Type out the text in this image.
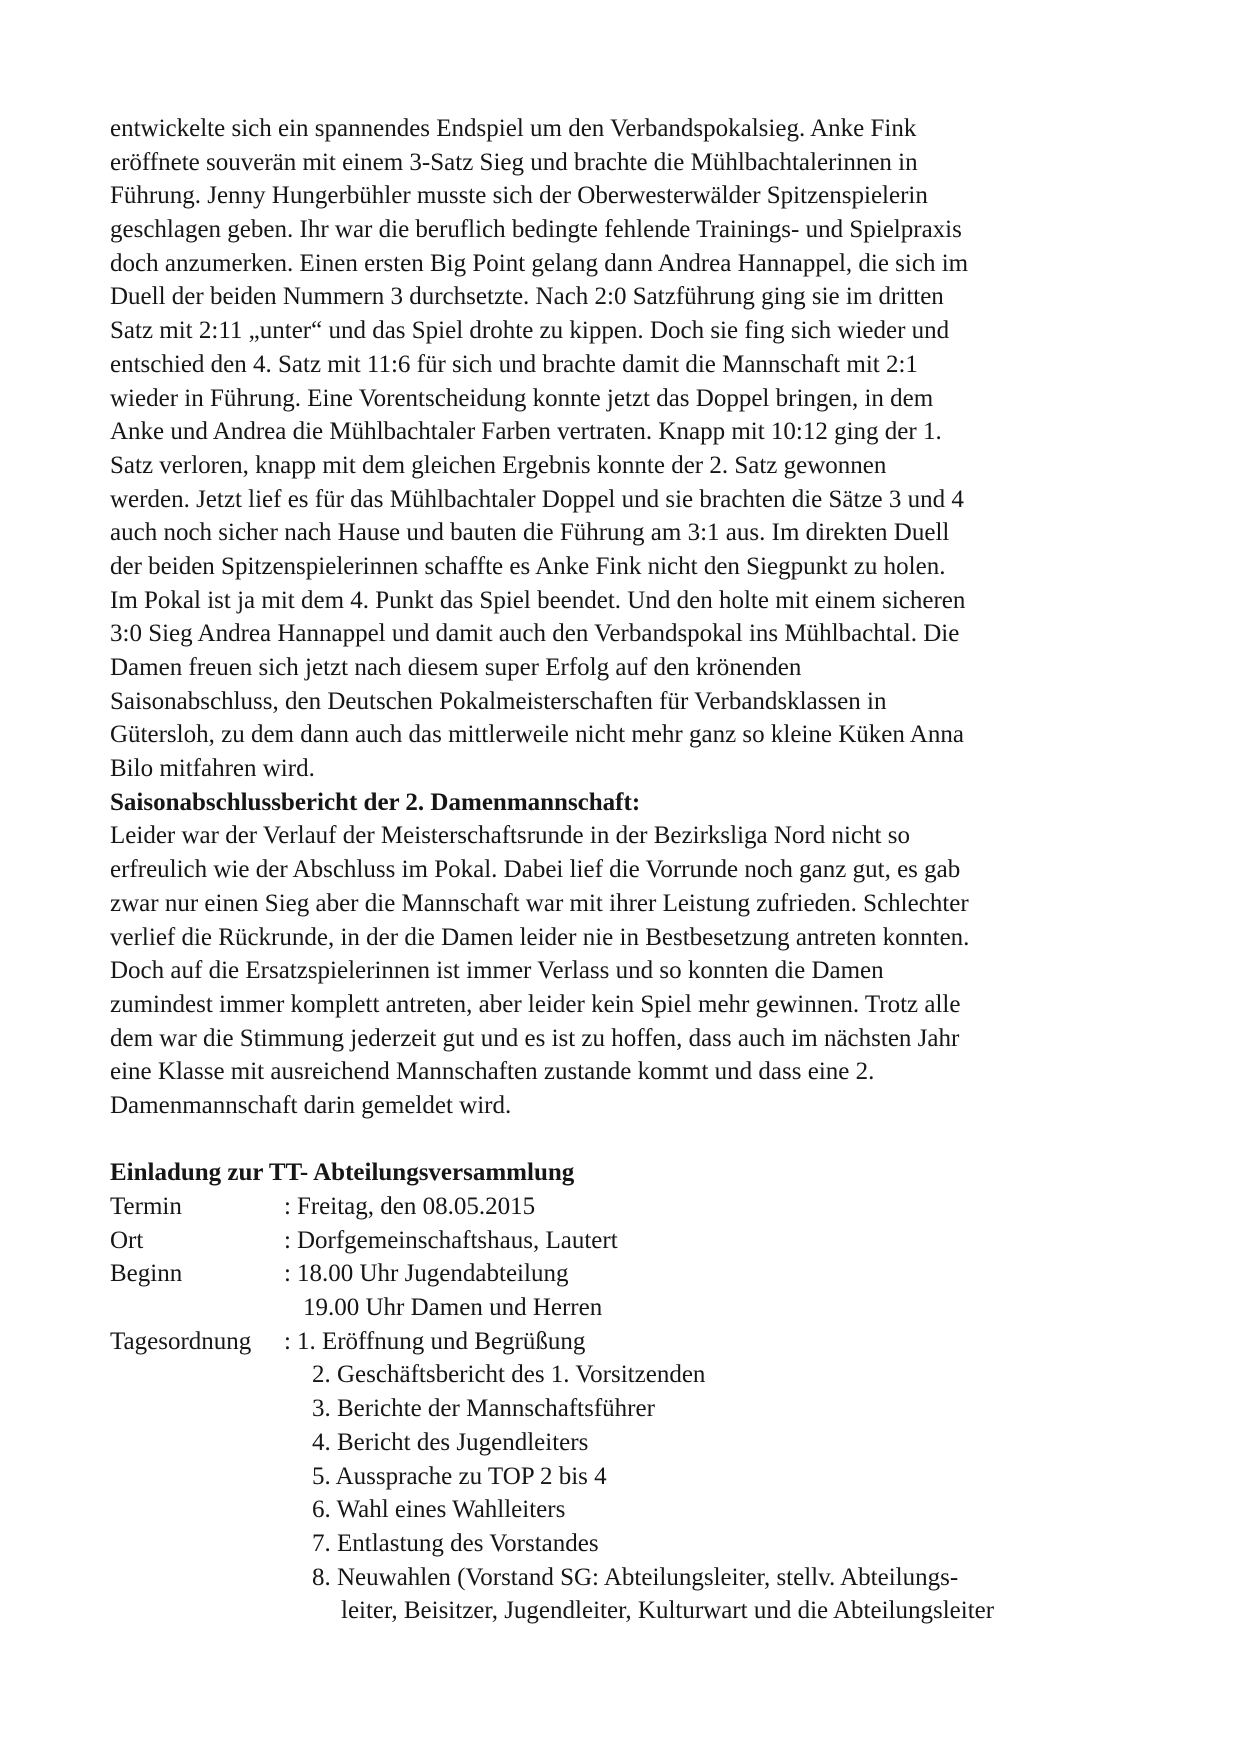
entwickelte sich ein spannendes Endspiel um den Verbandspokalsieg. Anke Fink
eröffnete souverän mit einem 3-Satz Sieg und brachte die Mühlbachtalerinnen in
Führung. Jenny Hungerbühler musste sich der Oberwesterwälder Spitzenspielerin
geschlagen geben. Ihr war die beruflich bedingte fehlende Trainings- und Spielpraxis
doch anzumerken. Einen ersten Big Point gelang dann Andrea Hannappel, die sich im
Duell der beiden Nummern 3 durchsetzte. Nach 2:0 Satzführung ging sie im dritten
Satz mit 2:11 „unter“ und das Spiel drohte zu kippen. Doch sie fing sich wieder und
entschied den 4. Satz mit 11:6 für sich und brachte damit die Mannschaft mit 2:1
wieder in Führung. Eine Vorentscheidung konnte jetzt das Doppel bringen, in dem
Anke und Andrea die Mühlbachtaler Farben vertraten. Knapp mit 10:12 ging der 1.
Satz verloren, knapp mit dem gleichen Ergebnis konnte der 2. Satz gewonnen
werden. Jetzt lief es für das Mühlbachtaler Doppel und sie brachten die Sätze 3 und 4
auch noch sicher nach Hause und bauten die Führung am 3:1 aus. Im direkten Duell
der beiden Spitzenspielerinnen schaffte es Anke Fink nicht den Siegpunkt zu holen.
Im Pokal ist ja mit dem 4. Punkt das Spiel beendet. Und den holte mit einem sicheren
3:0 Sieg Andrea Hannappel und damit auch den Verbandspokal ins Mühlbachtal. Die
Damen freuen sich jetzt nach diesem super Erfolg auf den krönenden
Saisonabschluss, den Deutschen Pokalmeisterschaften für Verbandsklassen in
Gütersloh, zu dem dann auch das mittlerweile nicht mehr ganz so kleine Küken Anna
Bilo mitfahren wird.
Saisonabschlussbericht der 2. Damenmannschaft:
Leider war der Verlauf der Meisterschaftsrunde in der Bezirksliga Nord nicht so
erfreulich wie der Abschluss im Pokal. Dabei lief die Vorrunde noch ganz gut, es gab
zwar nur einen Sieg aber die Mannschaft war mit ihrer Leistung zufrieden. Schlechter
verlief die Rückrunde, in der die Damen leider nie in Bestbesetzung antreten konnten.
Doch auf die Ersatzspielerinnen ist immer Verlass und so konnten die Damen
zumindest immer komplett antreten, aber leider kein Spiel mehr gewinnen. Trotz alle
dem war die Stimmung jederzeit gut und es ist zu hoffen, dass auch im nächsten Jahr
eine Klasse mit ausreichend Mannschaften zustande kommt und dass eine 2.
Damenmannschaft darin gemeldet wird.
Einladung zur TT- Abteilungsversammlung
Termin	: Freitag, den 08.05.2015
Ort	: Dorfgemeinschaftshaus, Lautert
Beginn	: 18.00 Uhr Jugendabteilung
19.00 Uhr Damen und Herren
Tagesordnung : 1. Eröffnung und Begrüßung
2. Geschäftsbericht des 1. Vorsitzenden
3. Berichte der Mannschaftsführer
4. Bericht des Jugendleiters
5. Aussprache zu TOP 2 bis 4
6. Wahl eines Wahlleiters
7. Entlastung des Vorstandes
8. Neuwahlen (Vorstand SG: Abteilungsleiter, stellv. Abteilungs-
leiter, Beisitzer, Jugendleiter, Kulturwart und die Abteilungsleiter
